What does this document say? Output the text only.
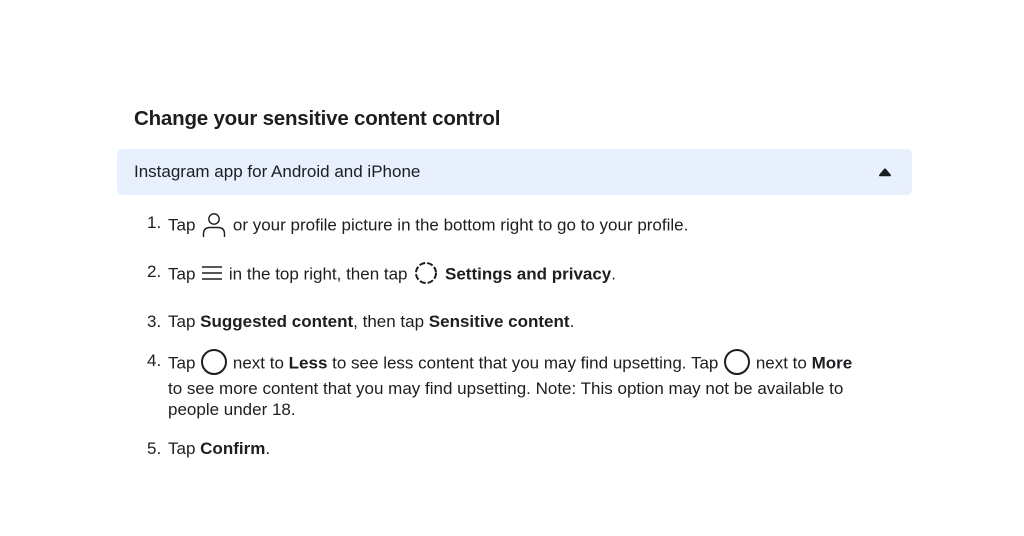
Change your sensitive content control
Instagram app for Android and iPhone
1. Tap or your profile picture in the bottom right to go to your profile.
2. Tap in the top right, then tap Settings and privacy.
3. Tap Suggested content, then tap Sensitive content.
4. Tap next to Less to see less content that you may find upsetting. Tap next to More to see more content that you may find upsetting. Note: This option may not be available to people under 18.
5. Tap Confirm.
